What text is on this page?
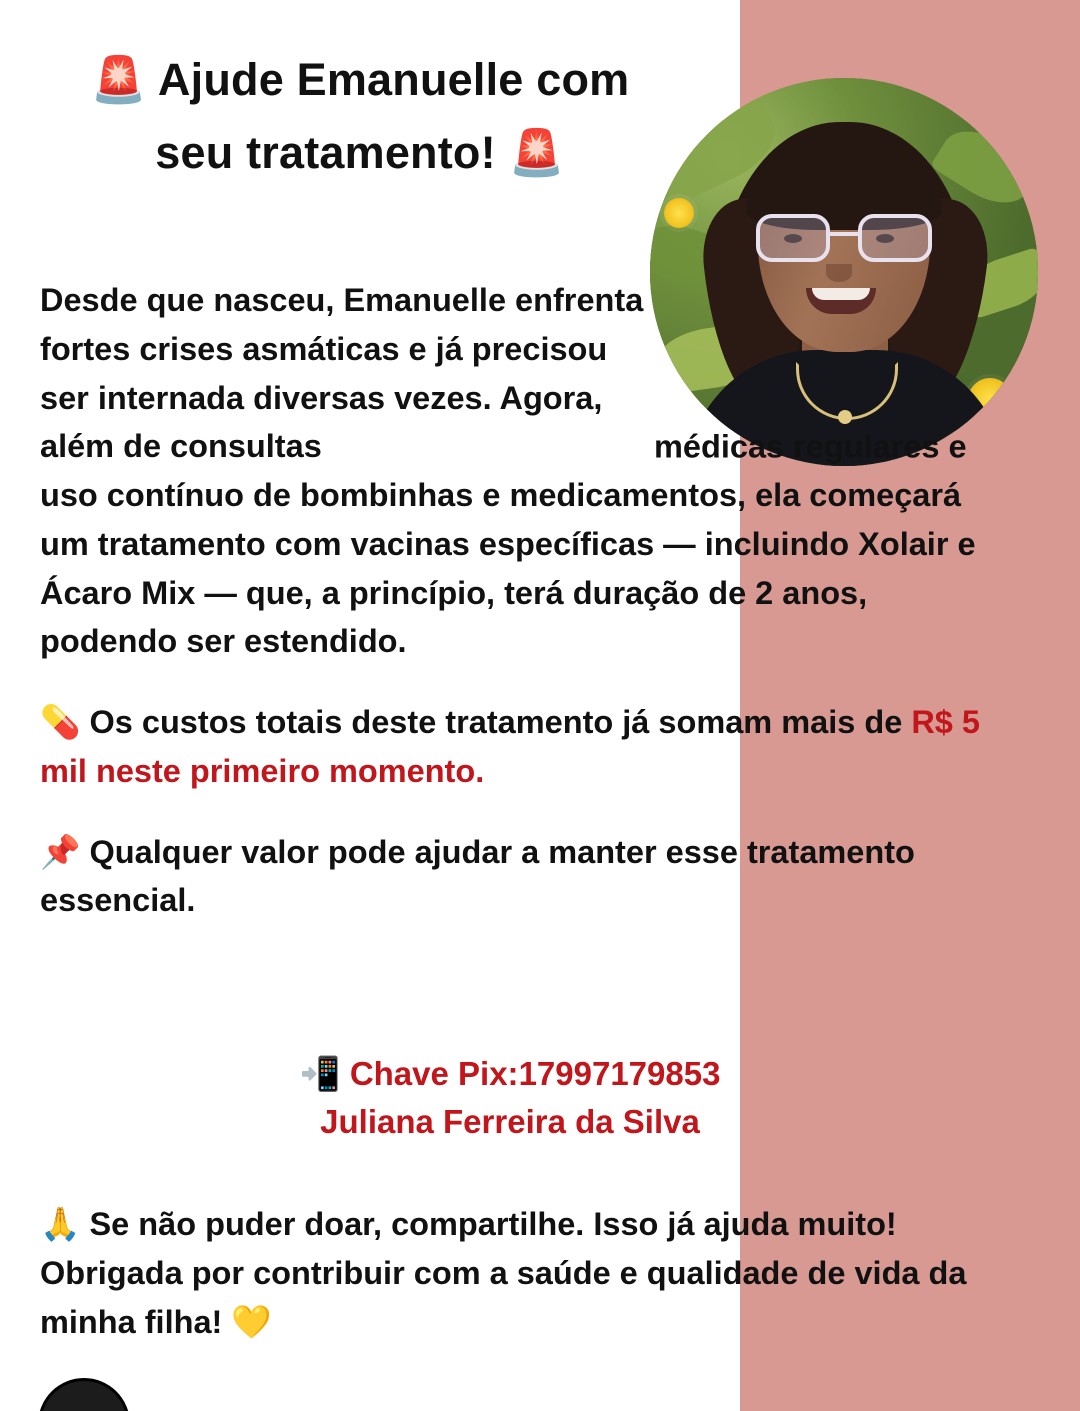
🚨 Ajude Emanuelle com
seu tratamento! 🚨

Desde que nasceu, Emanuelle enfrenta fortes crises asmáticas e já precisou ser internada diversas vezes. Agora, além de consultas	médicas regulares e uso contínuo de bombinhas e medicamentos, ela começará um tratamento com vacinas específicas — incluindo Xolair e Ácaro Mix — que, a princípio, terá duração de 2 anos, podendo ser estendido.

💊 Os custos totais deste tratamento já somam mais de R$ 5 mil neste primeiro momento.

📌 Qualquer valor pode ajudar a manter esse tratamento essencial.

📲 Chave Pix:17997179853
Juliana Ferreira da Silva
🙏 Se não puder doar, compartilhe. Isso já ajuda muito! Obrigada por contribuir com a saúde e qualidade de vida da minha filha! 💛
